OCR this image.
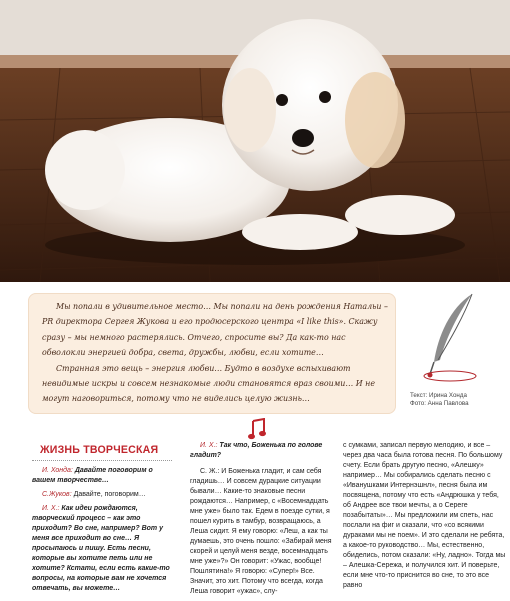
Мы попали в удивительное место… Мы попали на день рождения Натальи – PR директора Сергея Жукова и его продюсерского центра «I like this». Скажу сразу – мы немного растерялись. Отчего, спросите вы? Да как-то нас обволокли энергией добра, света, дружбы, любви, если хотите…

Странная это вещь – энергия любви… Будто в воздухе вспыхивают невидимые искры и совсем незнакомые люди становятся враз своими… И не могут наговориться, потому что не виделись целую жизнь…	Текст: Ирина Хонда
Фото: Анна Павлова
ЖИЗНЬ ТВОРЧЕСКАЯ

И. Хонда: Давайте поговорим о вашем творчестве…

С.Жуков: Давайте, поговорим…

И. Х.: Как идеи рождаются, творческий процесс – как это приходит? Во сне, например? Вот у меня все приходит во сне… Я просыпаюсь и пишу. Есть песни, которые вы хотите петь или не хотите? Кстати, если есть какие-то вопросы, на которые вам не хочется отвечать, вы можете…

И. Х.: Так что, Боженька по голове гладит?

С. Ж.: И Боженька гладит, и сам себя гладишь… И совсем дурацкие ситуации бывали… Какие-то знаковые песни рождаются… Например, с «Восемнадцать мне уже» было так. Едем в поезде сутки, я пошел курить в тамбур, возвращаюсь, а Леша сидит. Я ему говорю: «Леш, а как ты думаешь, это очень пошло: «Забирай меня скорей и целуй меня везде, восемнадцать мне уже»?» Он говорит: «Ужас, вообще! Пошлятина!» Я говорю: «Супер!» Все. Значит, это хит. Потому что всегда, когда Леша говорит «ужас», слу-

с сумками, записал первую мелодию, и все – через два часа была готова песня. По большому счету. Если брать другую песню, «Алешку» например… Мы собирались сделать песню с «Иванушками Интернэшнл», песня была им посвящена, потому что есть «Андрюшка у тебя, об Андрее все твои мечты, а о Сереге позабытаты»… Мы предложили им спеть, нас послали на фиг и сказали, что «со всякими дураками мы не поем». И это сделали не ребята, а какое-то руководство… Мы, естественно, обиделись, потом сказали: «Ну, ладно». Тогда мы – Алешка-Сережа, и получился хит. И поверьте, если мне что-то приснится во сне, то это все равно
